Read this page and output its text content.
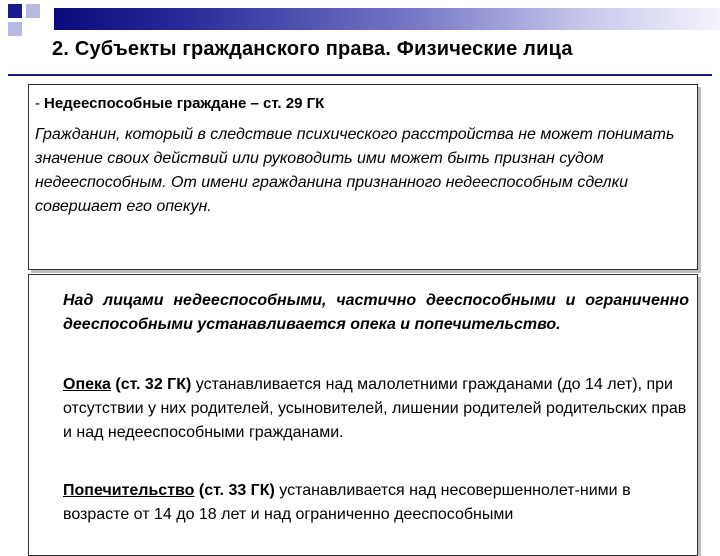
2. Субъекты гражданского права. Физические лица
- Недееспособные граждане – ст. 29 ГК
Гражданин, который в следствие психического расстройства не может понимать значение своих действий или руководить ими может быть признан судом недееспособным. От имени гражданина признанного недееспособным сделки совершает его опекун.
Над лицами недееспособными, частично дееспособными и ограниченно дееспособными устанавливается опека и попечительство.
Опека (ст. 32 ГК) устанавливается над малолетними гражданами (до 14 лет), при отсутствии у них родителей, усыновителей, лишении родителей родительских прав и над недееспособными гражданами.
Попечительство (ст. 33 ГК) устанавливается над несовершеннолет-ними в возрасте от 14 до 18 лет и над ограниченно дееспособными
